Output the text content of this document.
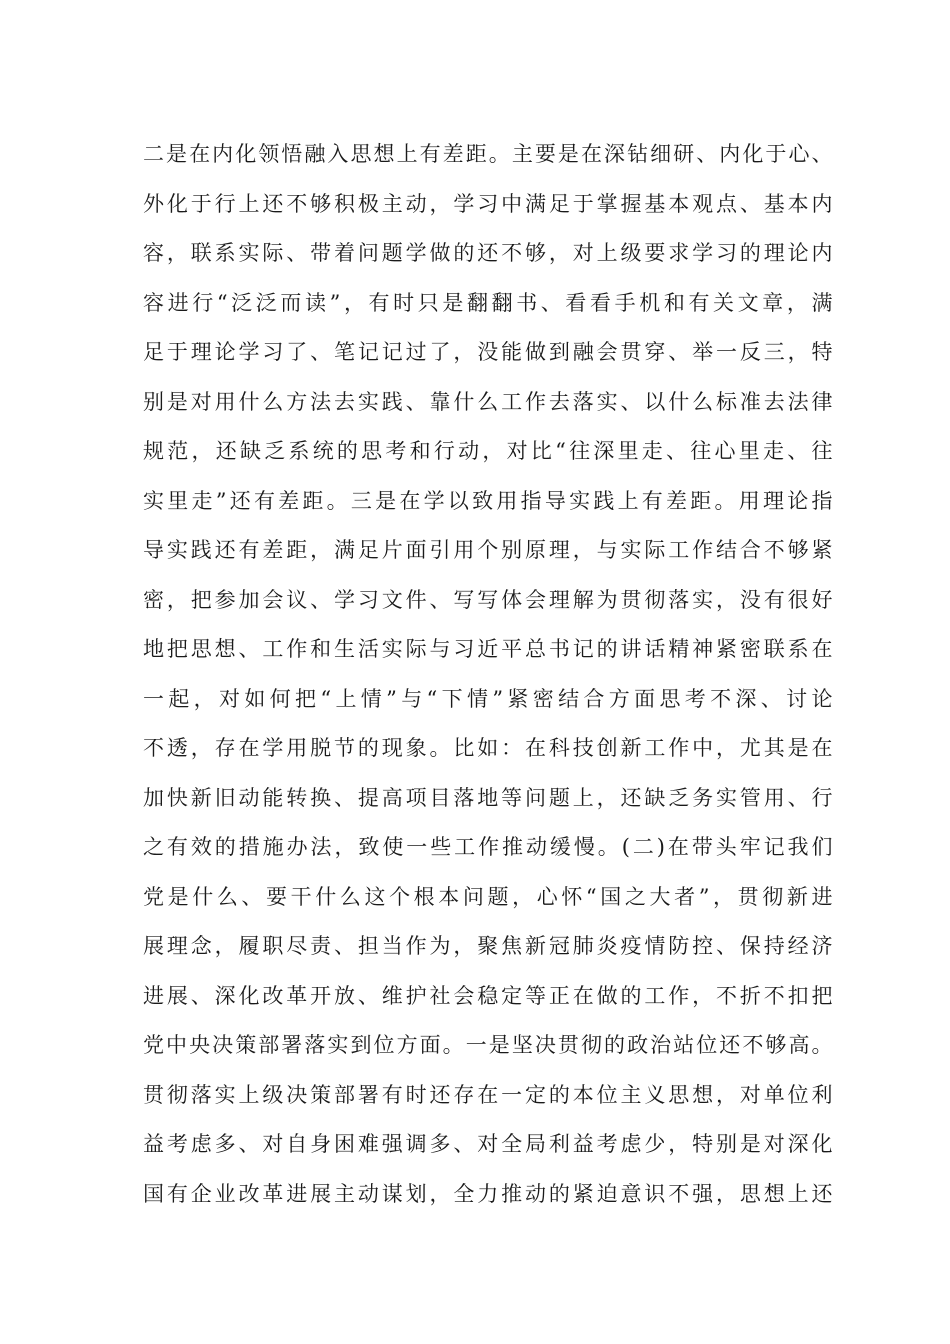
二是在内化领悟融入思想上有差距。主要是在深钻细研、内化于心、
外化于行上还不够积极主动，学习中满足于掌握基本观点、基本内
容，联系实际、带着问题学做的还不够，对上级要求学习的理论内
容进行“泛泛而读”，有时只是翻翻书、看看手机和有关文章，满
足于理论学习了、笔记记过了，没能做到融会贯穿、举一反三，特
别是对用什么方法去实践、靠什么工作去落实、以什么标准去法律
规范，还缺乏系统的思考和行动，对比“往深里走、往心里走、往
实里走”还有差距。三是在学以致用指导实践上有差距。用理论指
导实践还有差距，满足片面引用个别原理，与实际工作结合不够紧
密，把参加会议、学习文件、写写体会理解为贯彻落实，没有很好
地把思想、工作和生活实际与习近平总书记的讲话精神紧密联系在
一起，对如何把“上情”与“下情”紧密结合方面思考不深、讨论
不透，存在学用脱节的现象。比如：在科技创新工作中，尤其是在
加快新旧动能转换、提高项目落地等问题上，还缺乏务实管用、行
之有效的措施办法，致使一些工作推动缓慢。(二)在带头牢记我们
党是什么、要干什么这个根本问题，心怀“国之大者”，贯彻新进
展理念，履职尽责、担当作为，聚焦新冠肺炎疫情防控、保持经济
进展、深化改革开放、维护社会稳定等正在做的工作，不折不扣把
党中央决策部署落实到位方面。一是坚决贯彻的政治站位还不够高。
贯彻落实上级决策部署有时还存在一定的本位主义思想，对单位利
益考虑多、对自身困难强调多、对全局利益考虑少，特别是对深化
国有企业改革进展主动谋划，全力推动的紧迫意识不强，思想上还
